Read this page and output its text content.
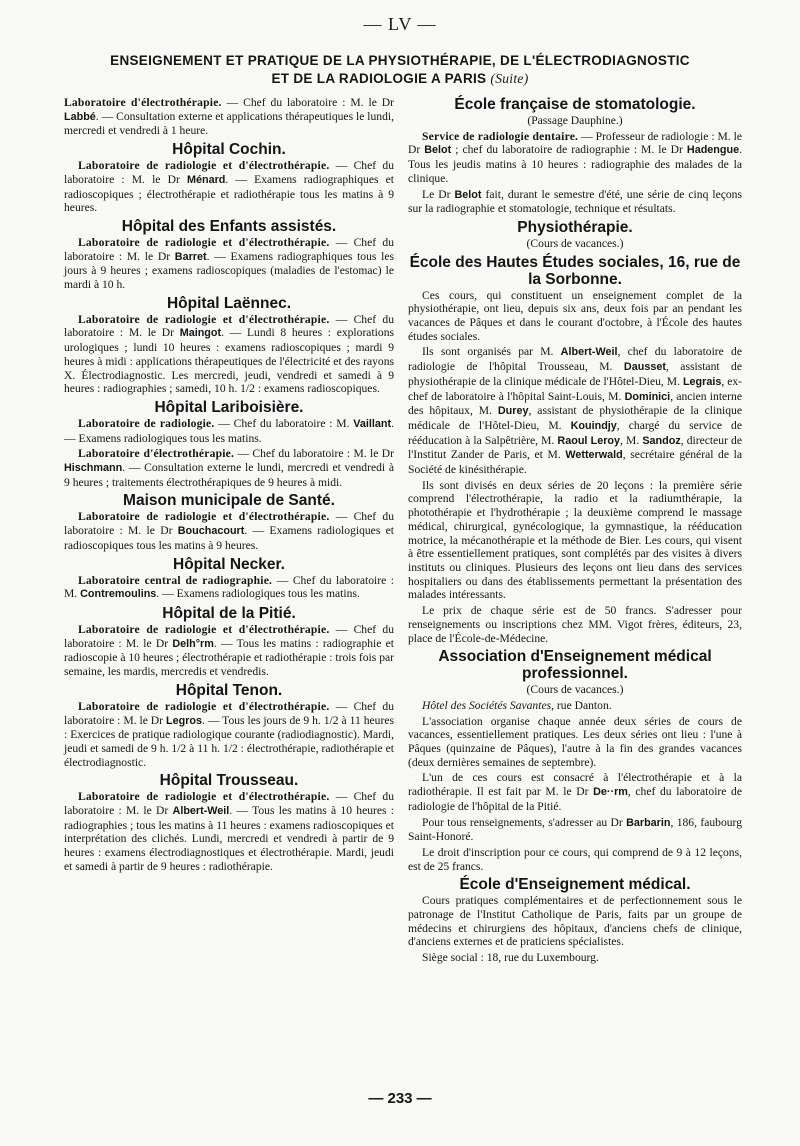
— LV —
ENSEIGNEMENT ET PRATIQUE DE LA PHYSIOTHÉRAPIE, DE L'ÉLECTRODIAGNOSTIC
ET DE LA RADIOLOGIE A PARIS (Suite)

Laboratoire d'électrothérapie. — Chef du laboratoire : M. le Dr Labbé. — Consultation externe et applications thérapeutiques le lundi, mercredi et vendredi à 1 heure.

Hôpital Cochin.

Laboratoire de radiologie et d'électrothérapie. — Chef du laboratoire : M. le Dr Ménard. — Examens radiographiques et radioscopiques ; électrothérapie et radiothérapie tous les matins à 9 heures.

Hôpital des Enfants assistés.

Laboratoire de radiologie et d'électrothérapie. — Chef du laboratoire : M. le Dr Barret. — Examens radiographiques tous les jours à 9 heures ; examens radioscopiques (maladies de l'estomac) le mardi à 10 h.

Hôpital Laënnec.

Laboratoire de radiologie et d'électrothérapie. — Chef du laboratoire : M. le Dr Maingot. — Lundi 8 heures : explorations urologiques ; lundi 10 heures : examens radioscopiques ; mardi 9 heures à midi : applications thérapeutiques de l'électricité et des rayons X. Électrodiagnostic. Les mercredi, jeudi, vendredi et samedi à 9 heures : radiographies ; samedi, 10 h. 1/2 : examens radioscopiques.

Hôpital Lariboisière.

Laboratoire de radiologie. — Chef du laboratoire : M. Vaillant. — Examens radiologiques tous les matins.

Laboratoire d'électrothérapie. — Chef du laboratoire : M. le Dr Hischmann. — Consultation externe le lundi, mercredi et vendredi à 9 heures ; traitements électrothérapiques de 9 heures à midi.

Maison municipale de Santé.

Laboratoire de radiologie et d'électrothérapie. — Chef du laboratoire : M. le Dr Bouchacourt. — Examens radiologiques et radioscopiques tous les matins à 9 heures.

Hôpital Necker.

Laboratoire central de radiographie. — Chef du laboratoire : M. Contremoulins. — Examens radiologiques tous les matins.

Hôpital de la Pitié.

Laboratoire de radiologie et d'électrothérapie. — Chef du laboratoire : M. le Dr Delh°rm. — Tous les matins : radiographie et radioscopie à 10 heures ; électrothérapie et radiothérapie : trois fois par semaine, les mardis, mercredis et vendredis.

Hôpital Tenon.

Laboratoire de radiologie et d'électrothérapie. — Chef du laboratoire : M. le Dr Legros. — Tous les jours de 9 h. 1/2 à 11 heures : Exercices de pratique radiologique courante (radiodiagnostic). Mardi, jeudi et samedi de 9 h. 1/2 à 11 h. 1/2 : électrothérapie, radiothérapie et électrodiagnostic.

Hôpital Trousseau.

Laboratoire de radiologie et d'électrothérapie. — Chef du laboratoire : M. le Dr Albert-Weil. — Tous les matins à 10 heures : radiographies ; tous les matins à 11 heures : examens radioscopiques et interprétation des clichés. Lundi, mercredi et vendredi à partir de 9 heures : examens électrodiagnostiques et électrothérapie. Mardi, jeudi et samedi à partir de 9 heures : radiothérapie.

École française de stomatologie.
(Passage Dauphine.)

Service de radiologie dentaire. — Professeur de radiologie : M. le Dr Belot ; chef du laboratoire de radiographie : M. le Dr Hadengue. Tous les jeudis matins à 10 heures : radiographie des malades de la clinique.

Le Dr Belot fait, durant le semestre d'été, une série de cinq leçons sur la radiographie et stomatologie, technique et résultats.

Physiothérapie.
(Cours de vacances.)
École des Hautes Études sociales, 16, rue de la Sorbonne.

Ces cours, qui constituent un enseignement complet de la physiothérapie, ont lieu, depuis six ans, deux fois par an pendant les vacances de Pâques et dans le courant d'octobre, à l'École des hautes études sociales.

Ils sont organisés par M. Albert-Weil, chef du laboratoire de radiologie de l'hôpital Trousseau, M. Dausset, assistant de physiothérapie de la clinique médicale de l'Hôtel-Dieu, M. Legrais, ex-chef de laboratoire à l'hôpital Saint-Louis, M. Dominici, ancien interne des hôpitaux, M. Durey, assistant de physiothérapie de la clinique médicale de l'Hôtel-Dieu, M. Kouindjy, chargé du service de rééducation à la Salpêtrière, M. Raoul Leroy, M. Sandoz, directeur de l'Institut Zander de Paris, et M. Wetterwald, secrétaire général de la Société de kinésithérapie.

Ils sont divisés en deux séries de 20 leçons : la première série comprend l'électrothérapie, la radio et la radiumthérapie, la photothérapie et l'hydrothérapie ; la deuxième comprend le massage médical, chirurgical, gynécologique, la gymnastique, la rééducation motrice, la mécanothérapie et la méthode de Bier. Les cours, qui visent à être essentiellement pratiques, sont complétés par des visites à divers instituts ou cliniques. Plusieurs des leçons ont lieu dans des services hospitaliers ou dans des établissements permettant la présentation des malades intéressants.

Le prix de chaque série est de 50 francs. S'adresser pour renseignements ou inscriptions chez MM. Vigot frères, éditeurs, 23, place de l'École-de-Médecine.

Association d'Enseignement médical professionnel.
(Cours de vacances.)

Hôtel des Sociétés Savantes, rue Danton.

L'association organise chaque année deux séries de cours de vacances, essentiellement pratiques. Les deux séries ont lieu : l'une à Pâques (quinzaine de Pâques), l'autre à la fin des grandes vacances (deux dernières semaines de septembre).

L'un de ces cours est consacré à l'électrothérapie et à la radiothérapie. Il est fait par M. le Dr De··rm, chef du laboratoire de radiologie de l'hôpital de la Pitié.

Pour tous renseignements, s'adresser au Dr Barbarin, 186, faubourg Saint-Honoré.

Le droit d'inscription pour ce cours, qui comprend de 9 à 12 leçons, est de 25 francs.

École d'Enseignement médical.

Cours pratiques complémentaires et de perfectionnement sous le patronage de l'Institut Catholique de Paris, faits par un groupe de médecins et chirurgiens des hôpitaux, d'anciens chefs de clinique, d'anciens externes et de praticiens spécialistes.

Siège social : 18, rue du Luxembourg.

— 233 —
